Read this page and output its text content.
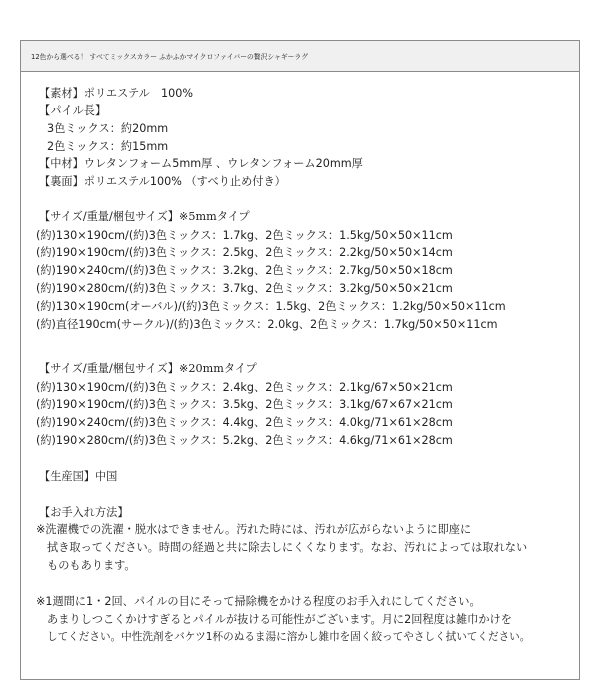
12色から選べる！ すべてミックスカラー ふかふかマイクロファイバーの贅沢シャギーラグ
【素材】ポリエステル　100%
【パイル長】
3色ミックス：約20mm
2色ミックス：約15mm
【中材】ウレタンフォーム5mm厚 、ウレタンフォーム20mm厚
【裏面】ポリエステル100% （すべり止め付き）
【サイズ/重量/梱包サイズ】※5mmタイプ
(約)130×190cm/(約)3色ミックス：1.7kg、2色ミックス：1.5kg/50×50×11cm
(約)190×190cm/(約)3色ミックス：2.5kg、2色ミックス：2.2kg/50×50×14cm
(約)190×240cm/(約)3色ミックス：3.2kg、2色ミックス：2.7kg/50×50×18cm
(約)190×280cm/(約)3色ミックス：3.7kg、2色ミックス：3.2kg/50×50×21cm
(約)130×190cm(オーバル)/(約)3色ミックス：1.5kg、2色ミックス：1.2kg/50×50×11cm
(約)直径190cm(サークル)/(約)3色ミックス：2.0kg、2色ミックス：1.7kg/50×50×11cm
【サイズ/重量/梱包サイズ】※20mmタイプ
(約)130×190cm/(約)3色ミックス：2.4kg、2色ミックス：2.1kg/67×50×21cm
(約)190×190cm/(約)3色ミックス：3.5kg、2色ミックス：3.1kg/67×67×21cm
(約)190×240cm/(約)3色ミックス：4.4kg、2色ミックス：4.0kg/71×61×28cm
(約)190×280cm/(約)3色ミックス：5.2kg、2色ミックス：4.6kg/71×61×28cm
【生産国】中国
【お手入れ方法】
※洗濯機での洗濯・脱水はできません。汚れた時には、汚れが広がらないように即座に
拭き取ってください。時間の経過と共に除去しにくくなります。なお、汚れによっては取れない
ものもあります。
※1週間に1・2回、パイルの目にそって掃除機をかける程度のお手入れにしてください。
あまりしつこくかけすぎるとパイルが抜ける可能性がございます。月に2回程度は雑巾かけを
してください。中性洗剤をバケツ1杯のぬるま湯に溶かし雑巾を固く絞ってやさしく拭いてください。
